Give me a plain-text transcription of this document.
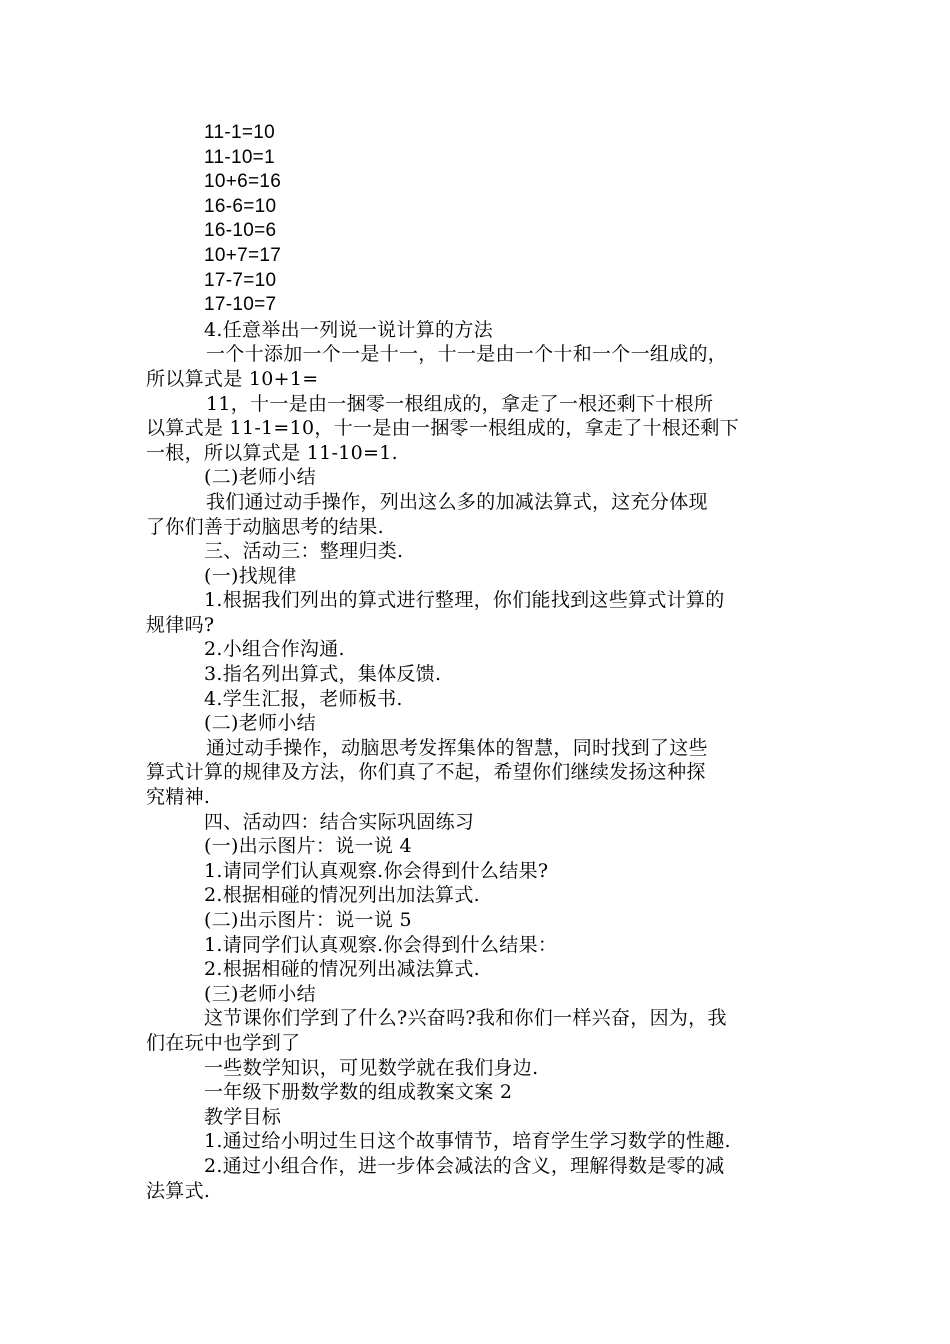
11-1=10
11-10=1
10+6=16
16-6=10
16-10=6
10+7=17
17-7=10
17-10=7
4.任意举出一列说一说计算的方法
一个十添加一个一是十一，十一是由一个十和一个一组成的，
所以算式是 10+1=
11，十一是由一捆零一根组成的，拿走了一根还剩下十根所
以算式是 11-1=10，十一是由一捆零一根组成的，拿走了十根还剩下
一根，所以算式是 11-10=1.
(二)老师小结
我们通过动手操作，列出这么多的加减法算式，这充分体现
了你们善于动脑思考的结果.
三、活动三：整理归类.
(一)找规律
1.根据我们列出的算式进行整理，你们能找到这些算式计算的
规律吗?
2.小组合作沟通.
3.指名列出算式，集体反馈.
4.学生汇报，老师板书.
(二)老师小结
通过动手操作，动脑思考发挥集体的智慧，同时找到了这些
算式计算的规律及方法，你们真了不起，希望你们继续发扬这种探
究精神.
四、活动四：结合实际巩固练习
(一)出示图片：说一说 4
1.请同学们认真观察.你会得到什么结果?
2.根据相碰的情况列出加法算式.
(二)出示图片：说一说 5
1.请同学们认真观察.你会得到什么结果：
2.根据相碰的情况列出减法算式.
(三)老师小结
这节课你们学到了什么?兴奋吗?我和你们一样兴奋，因为，我
们在玩中也学到了
一些数学知识，可见数学就在我们身边.
一年级下册数学数的组成教案文案 2
教学目标
1.通过给小明过生日这个故事情节，培育学生学习数学的性趣.
2.通过小组合作，进一步体会减法的含义，理解得数是零的减
法算式.
